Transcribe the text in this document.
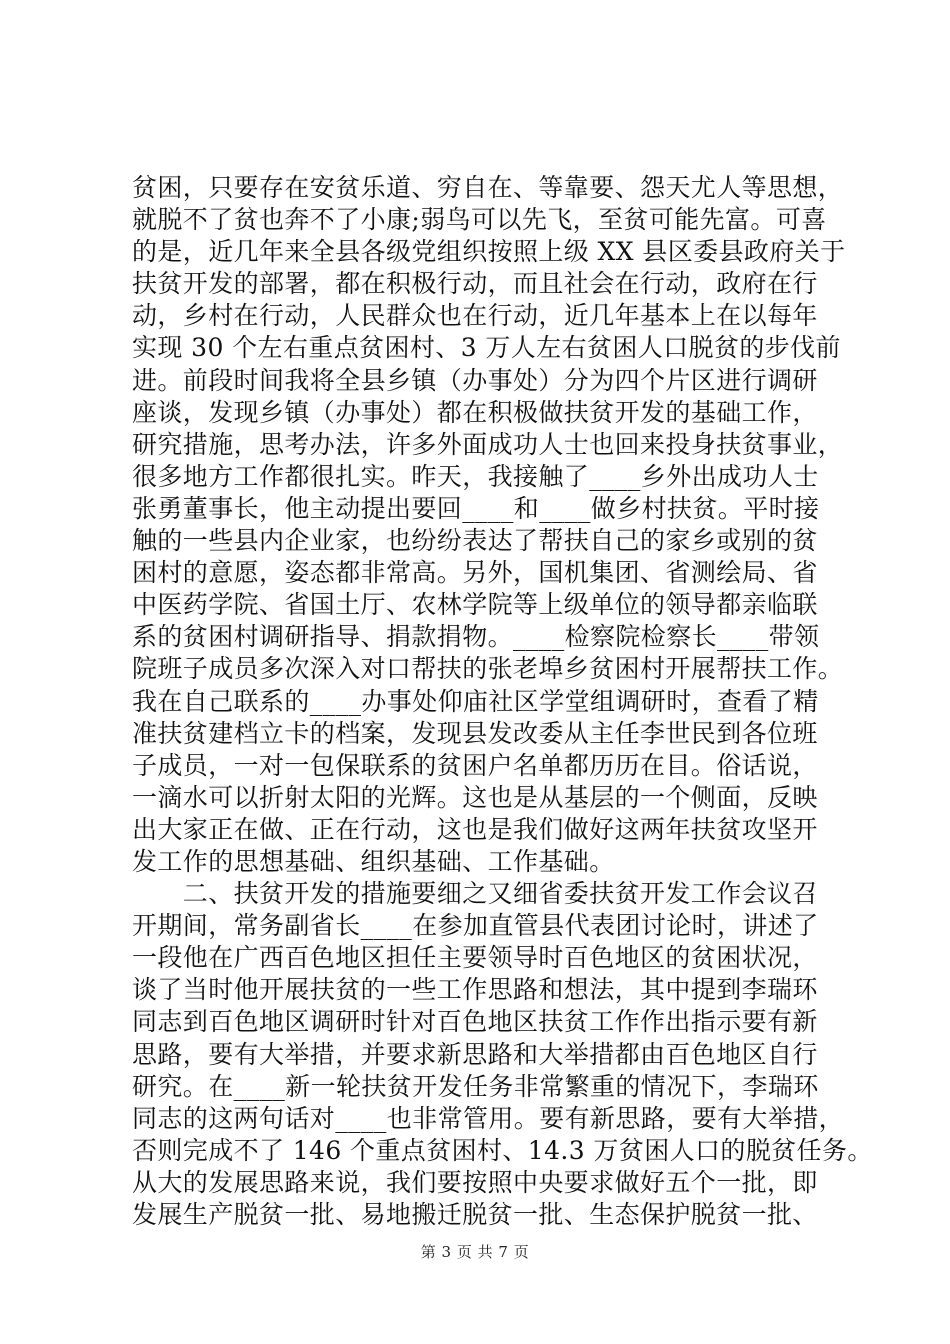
贫困，只要存在安贫乐道、穷自在、等靠要、怨天尤人等思想，
就脱不了贫也奔不了小康;弱鸟可以先飞，至贫可能先富。可喜
的是，近几年来全县各级党组织按照上级 XX 县区委县政府关于
扶贫开发的部署，都在积极行动，而且社会在行动，政府在行
动，乡村在行动，人民群众也在行动，近几年基本上在以每年
实现 30 个左右重点贫困村、3 万人左右贫困人口脱贫的步伐前
进。前段时间我将全县乡镇（办事处）分为四个片区进行调研
座谈，发现乡镇（办事处）都在积极做扶贫开发的基础工作，
研究措施，思考办法，许多外面成功人士也回来投身扶贫事业，
很多地方工作都很扎实。昨天，我接触了____乡外出成功人士
张勇董事长，他主动提出要回____和____做乡村扶贫。平时接
触的一些县内企业家，也纷纷表达了帮扶自己的家乡或别的贫
困村的意愿，姿态都非常高。另外，国机集团、省测绘局、省
中医药学院、省国土厅、农林学院等上级单位的领导都亲临联
系的贫困村调研指导、捐款捐物。____检察院检察长____带领
院班子成员多次深入对口帮扶的张老埠乡贫困村开展帮扶工作。
我在自己联系的____办事处仰庙社区学堂组调研时，查看了精
准扶贫建档立卡的档案，发现县发改委从主任李世民到各位班
子成员，一对一包保联系的贫困户名单都历历在目。俗话说，
一滴水可以折射太阳的光辉。这也是从基层的一个侧面，反映
出大家正在做、正在行动，这也是我们做好这两年扶贫攻坚开
发工作的思想基础、组织基础、工作基础。
　　二、扶贫开发的措施要细之又细省委扶贫开发工作会议召
开期间，常务副省长____在参加直管县代表团讨论时，讲述了
一段他在广西百色地区担任主要领导时百色地区的贫困状况，
谈了当时他开展扶贫的一些工作思路和想法，其中提到李瑞环
同志到百色地区调研时针对百色地区扶贫工作作出指示要有新
思路，要有大举措，并要求新思路和大举措都由百色地区自行
研究。在____新一轮扶贫开发任务非常繁重的情况下，李瑞环
同志的这两句话对____也非常管用。要有新思路，要有大举措，
否则完成不了 146 个重点贫困村、14.3 万贫困人口的脱贫任务。
从大的发展思路来说，我们要按照中央要求做好五个一批，即
发展生产脱贫一批、易地搬迁脱贫一批、生态保护脱贫一批、
第 3 页 共 7 页
